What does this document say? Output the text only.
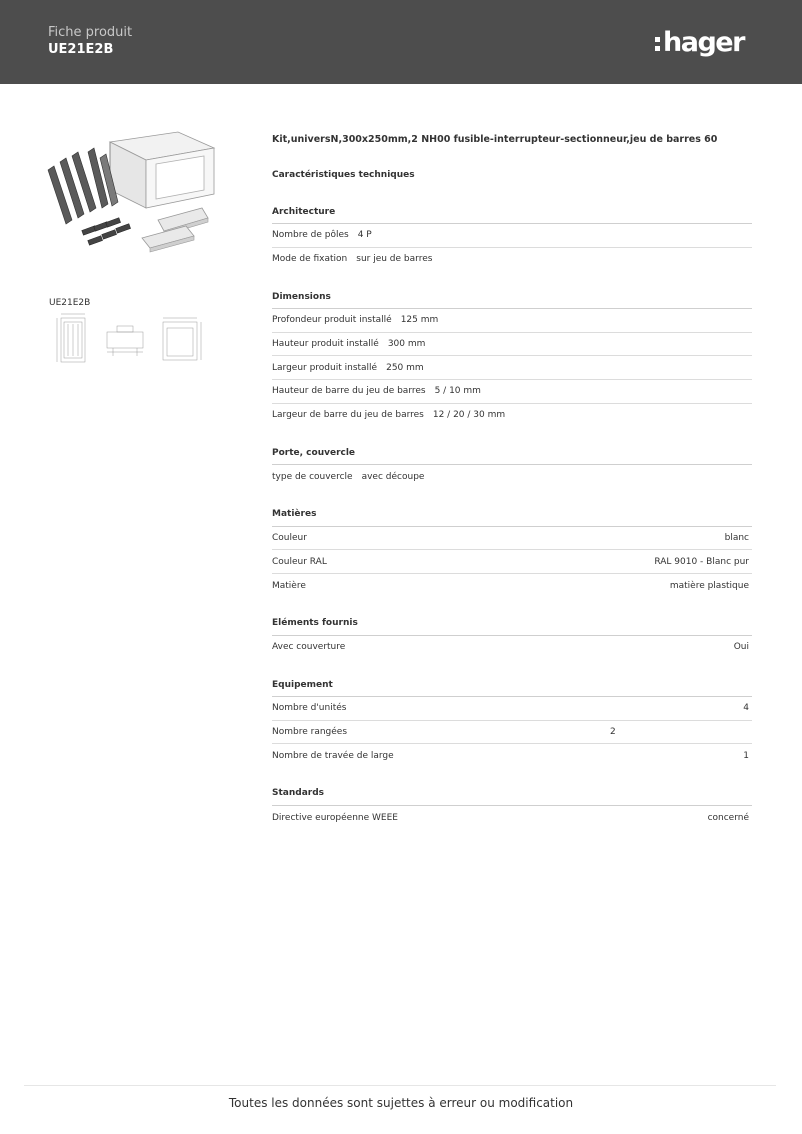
Fiche produit
UE21E2B	hager
UE21E2B
Kit,universN,300x250mm,2 NH00 fusible-interrupteur-sectionneur,jeu de barres 60
Caractéristiques techniques
Architecture
Nombre de pôles 4 P
Mode de fixation sur jeu de barres
Dimensions
Profondeur produit installé 125 mm
Hauteur produit installé 300 mm
Largeur produit installé 250 mm
Hauteur de barre du jeu de barres 5 / 10 mm
Largeur de barre du jeu de barres 12 / 20 / 30 mm
Porte, couvercle
type de couvercle avec découpe
Matières
Couleur	blanc
Couleur RAL	RAL 9010 - Blanc pur
Matière	matière plastique
Eléments fournis
Avec couverture	Oui
Equipement
Nombre d'unités	4
Nombre rangées	2
Nombre de travée de large	1
Standards
Directive européenne WEEE	concerné
Toutes les données sont sujettes à erreur ou modification
